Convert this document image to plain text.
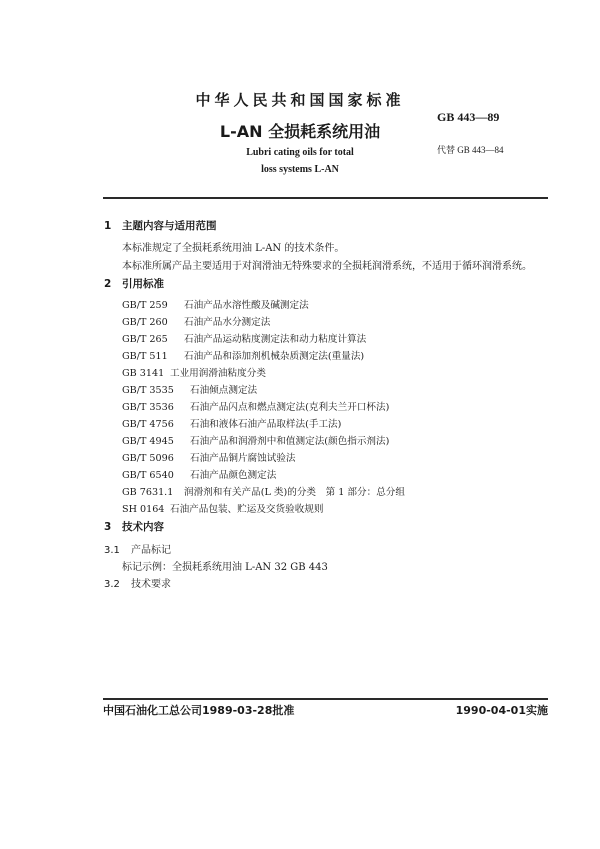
中华人民共和国国家标准
L-AN 全损耗系统用油
Lubri cating oils for total
loss systems L-AN
GB 443—89
代替 GB 443—84
1 主题内容与适用范围
本标准规定了全损耗系统用油 L-AN 的技术条件。
本标准所属产品主要适用于对润滑油无特殊要求的全损耗润滑系统，不适用于循环润滑系统。
2 引用标准
GB/T 259 石油产品水溶性酸及碱测定法
GB/T 260 石油产品水分测定法
GB/T 265 石油产品运动粘度测定法和动力粘度计算法
GB/T 511 石油产品和添加剂机械杂质测定法(重量法)
GB 3141 工业用润滑油粘度分类
GB/T 3535 石油倾点测定法
GB/T 3536 石油产品闪点和燃点测定法(克利夫兰开口杯法)
GB/T 4756 石油和液体石油产品取样法(手工法)
GB/T 4945 石油产品和润滑剂中和值测定法(颜色指示剂法)
GB/T 5096 石油产品铜片腐蚀试验法
GB/T 6540 石油产品颜色测定法
GB 7631.1 润滑剂和有关产品(L 类)的分类　第 1 部分：总分组
SH 0164 石油产品包装、贮运及交货验收规则
3 技术内容
3.1 产品标记
标记示例：全损耗系统用油 L-AN 32 GB 443
3.2 技术要求
中国石油化工总公司1989-03-28批准	1990-04-01实施
